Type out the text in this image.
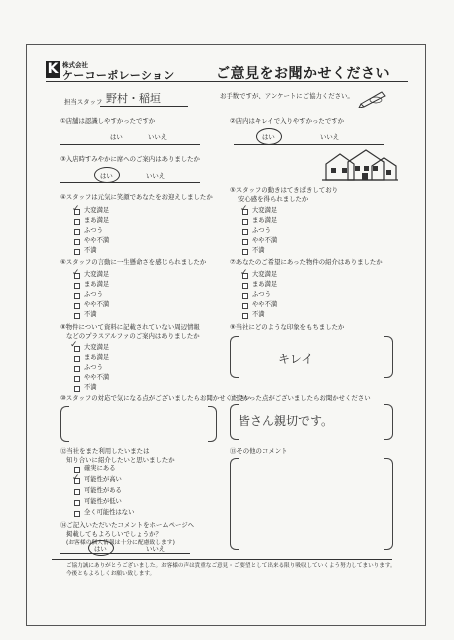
K 株式会社
ケーコーポレーション	ご意見をお聞かせください
担当スタッフ 野村・稲垣	お手数ですが、アンケートにご協力ください。
①店舗は認識しやすかったですか	②店内はキレイで入りやすかったですか
はい	いいえ	はい	いいえ
③入店時すみやかに席へのご案内はありましたか
はい	いいえ
④スタッフは元気に笑顔であなたをお迎えしましたか
✓ 大変満足
まあ満足
ふつう
やや不満
不満
⑤スタッフの動きはてきぱきしており
安心感を得られましたか
✓ 大変満足
まあ満足
ふつう
やや不満
不満
⑥スタッフの言動に一生懸命さを感じられましたか
✓ 大変満足
まあ満足
ふつう
やや不満
不満
⑦あなたのご希望にあった物件の紹介はありましたか
✓ 大変満足
まあ満足
ふつう
やや不満
不満
⑧物件について資料に記載されていない周辺情報
などのプラスアルファのご案内はありましたか
✓ 大変満足
まあ満足
ふつう
やや不満
不満
⑨当社にどのような印象をもちましたか
キレイ
⑩スタッフの対応で気になる点がございましたらお聞かせください
⑪良かった点がございましたらお聞かせください
皆さん親切です。
⑫当社をまた利用したいまたは
知り合いに紹介したいと思いましたか
確実にある
✓ 可能性が高い
可能性がある
可能性が低い
全く可能性はない
⑬その他のコメント
⑭ご記入いただいたコメントをホームページへ
掲載してもよろしいでしょうか？
(お客様の個人情報は十分に配慮致します)
はい	いいえ
ご協力誠にありがとうございました。お客様の声は貴重なご意見・ご要望として出来る限り吸収していくよう努力してまいります。
今後ともよろしくお願い致します。
